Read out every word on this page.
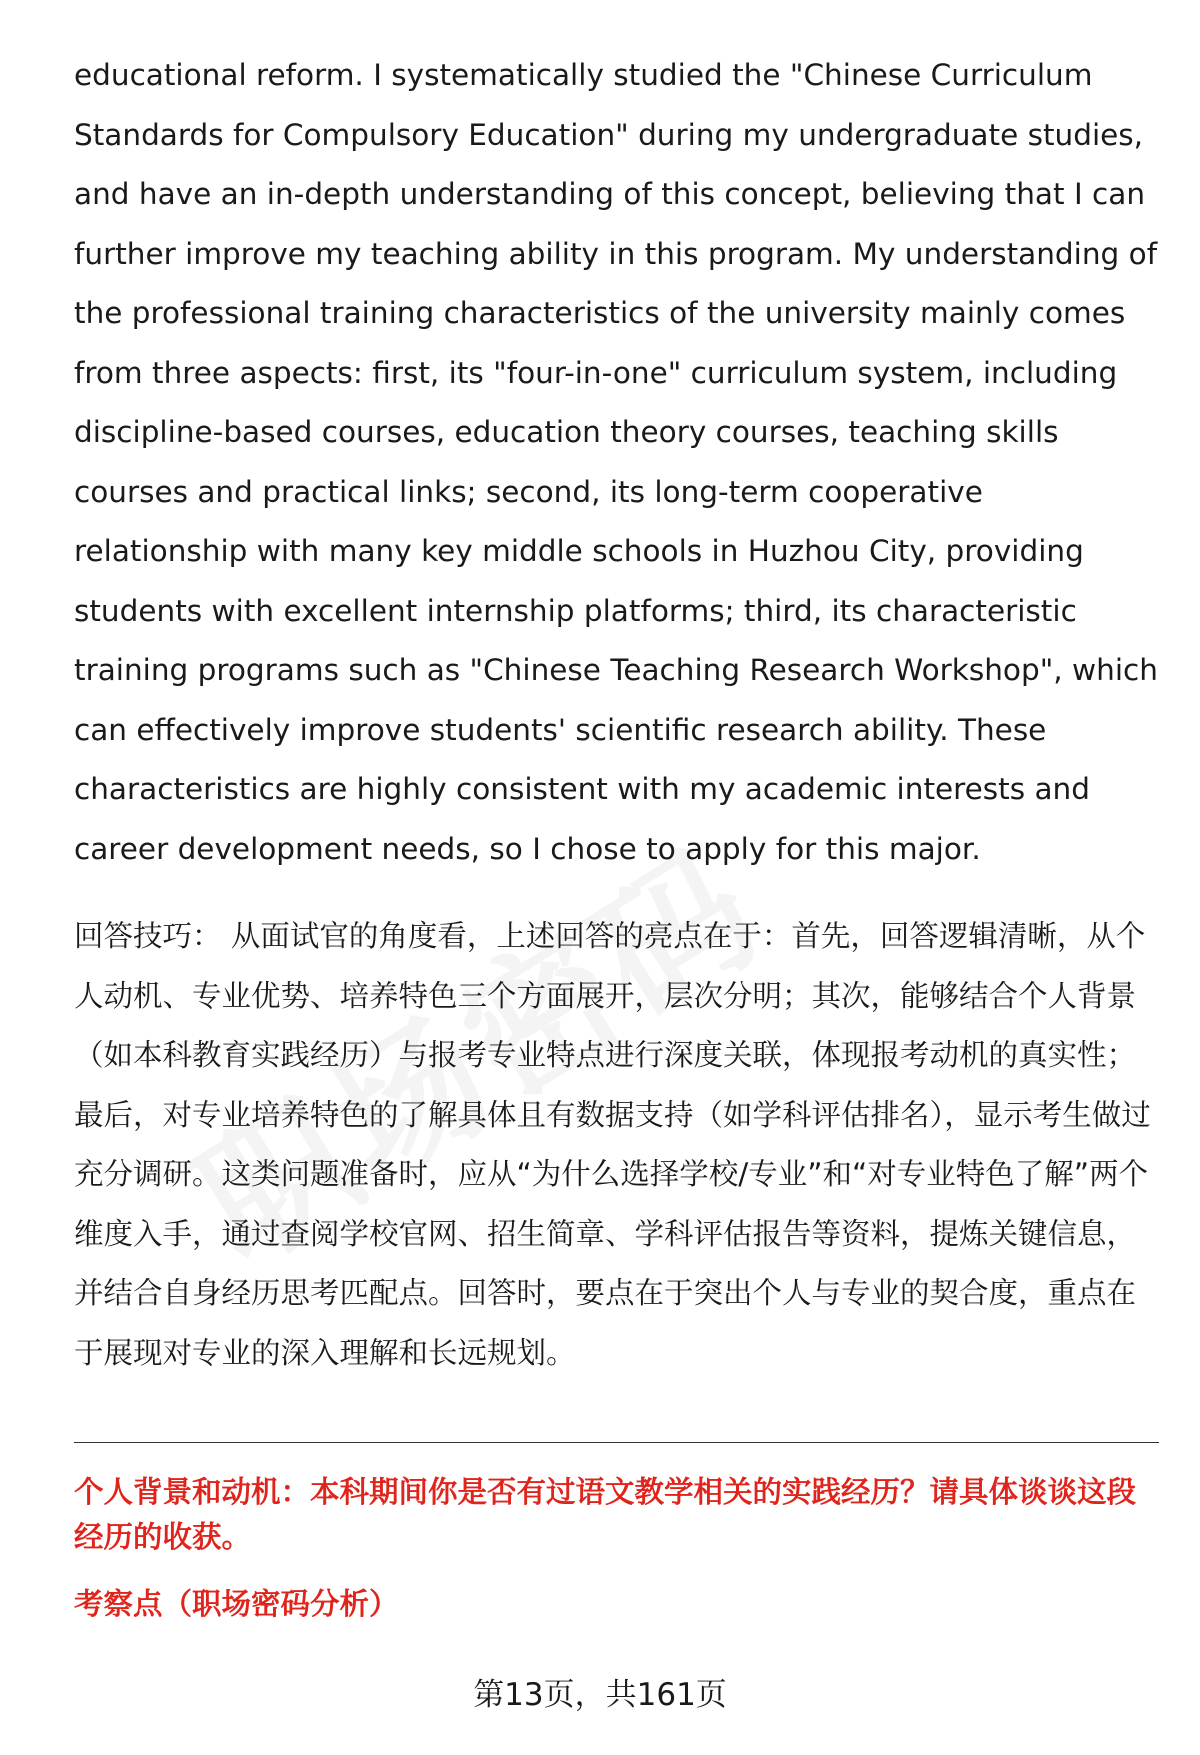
educational reform. I systematically studied the "Chinese Curriculum Standards for Compulsory Education" during my undergraduate studies, and have an in-depth understanding of this concept, believing that I can further improve my teaching ability in this program. My understanding of the professional training characteristics of the university mainly comes from three aspects: first, its "four-in-one" curriculum system, including discipline-based courses, education theory courses, teaching skills courses and practical links; second, its long-term cooperative relationship with many key middle schools in Huzhou City, providing students with excellent internship platforms; third, its characteristic training programs such as "Chinese Teaching Research Workshop", which can effectively improve students' scientific research ability. These characteristics are highly consistent with my academic interests and career development needs, so I chose to apply for this major.

回答技巧： 从面试官的角度看，上述回答的亮点在于：首先，回答逻辑清晰，从个人动机、专业优势、培养特色三个方面展开，层次分明；其次，能够结合个人背景（如本科教育实践经历）与报考专业特点进行深度关联，体现报考动机的真实性；最后，对专业培养特色的了解具体且有数据支持（如学科评估排名），显示考生做过充分调研。这类问题准备时，应从“为什么选择学校/专业”和“对专业特色了解”两个维度入手，通过查阅学校官网、招生简章、学科评估报告等资料，提炼关键信息，并结合自身经历思考匹配点。回答时，要点在于突出个人与专业的契合度，重点在于展现对专业的深入理解和长远规划。

个人背景和动机：本科期间你是否有过语文教学相关的实践经历？请具体谈谈这段经历的收获。

考察点（职场密码分析）

第13页，共161页
